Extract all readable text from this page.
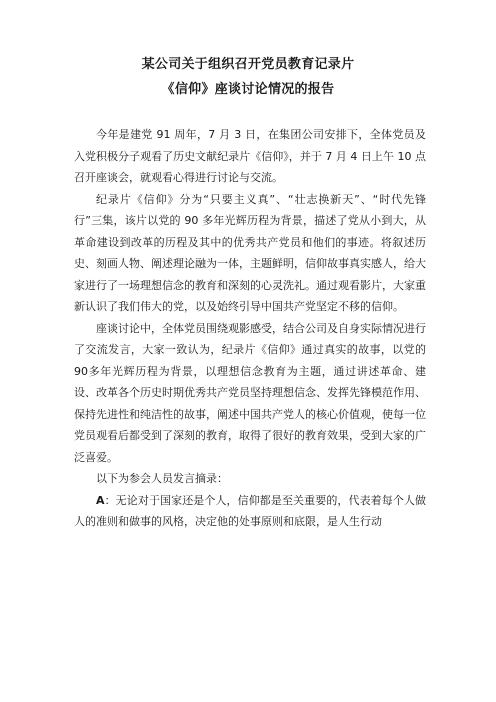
某公司关于组织召开党员教育记录片
《信仰》座谈讨论情况的报告

今年是建党 91 周年，7 月 3 日，在集团公司安排下，全体党员及入党积极分子观看了历史文献纪录片《信仰》，并于 7 月 4 日上午 10 点召开座谈会，就观看心得进行讨论与交流。

纪录片《信仰》分为“只要主义真”、“壮志换新天”、“时代先锋行”三集，该片以党的 90 多年光辉历程为背景，描述了党从小到大，从革命建设到改革的历程及其中的优秀共产党员和他们的事迹。将叙述历史、刻画人物、阐述理论融为一体，主题鲜明，信仰故事真实感人，给大家进行了一场理想信念的教育和深刻的心灵洗礼。通过观看影片，大家重新认识了我们伟大的党，以及始终引导中国共产党坚定不移的信仰。

座谈讨论中，全体党员围绕观影感受，结合公司及自身实际情况进行了交流发言，大家一致认为，纪录片《信仰》通过真实的故事，以党的90多年光辉历程为背景，以理想信念教育为主题，通过讲述革命、建设、改革各个历史时期优秀共产党员坚持理想信念、发挥先锋模范作用、保持先进性和纯洁性的故事，阐述中国共产党人的核心价值观，使每一位党员观看后都受到了深刻的教育，取得了很好的教育效果，受到大家的广泛喜爱。

以下为参会人员发言摘录：

A：无论对于国家还是个人，信仰都是至关重要的，代表着每个人做人的准则和做事的风格，决定他的处事原则和底限，是人生行动
